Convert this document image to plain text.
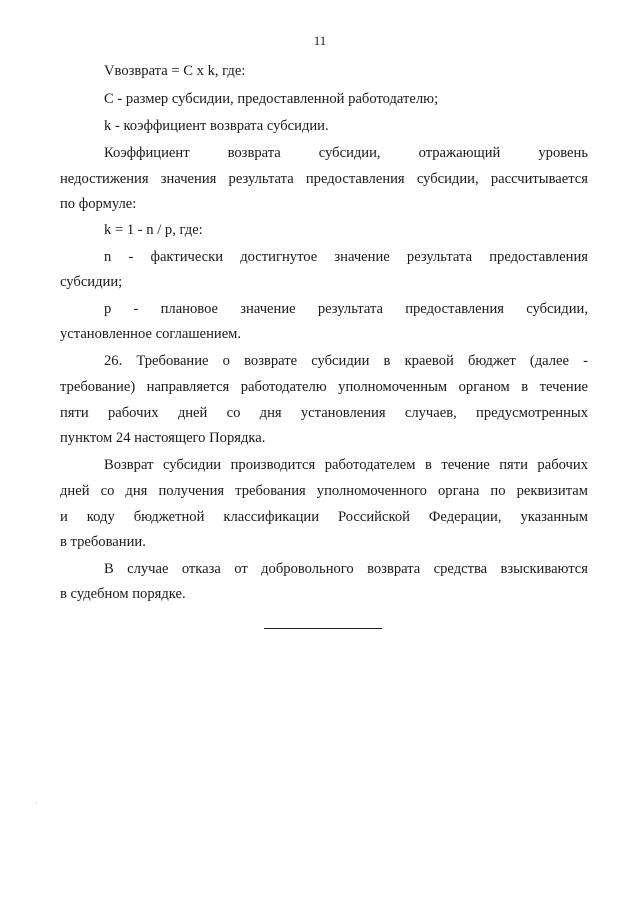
11
Vвозврата = C x k, где:
С - размер субсидии, предоставленной работодателю;
k - коэффициент возврата субсидии.
Коэффициент возврата субсидии, отражающий уровень
недостижения значения результата предоставления субсидии, рассчитывается
по формуле:
k = 1 - n / p, где:
n - фактически достигнутое значение результата предоставления
субсидии;
p - плановое значение результата предоставления субсидии,
установленное соглашением.
26. Требование о возврате субсидии в краевой бюджет (далее -
требование) направляется работодателю уполномоченным органом в течение
пяти рабочих дней со дня установления случаев, предусмотренных
пунктом 24 настоящего Порядка.
Возврат субсидии производится работодателем в течение пяти рабочих
дней со дня получения требования уполномоченного органа по реквизитам
и коду бюджетной классификации Российской Федерации, указанным
в требовании.
В случае отказа от добровольного возврата средства взыскиваются
в судебном порядке.
